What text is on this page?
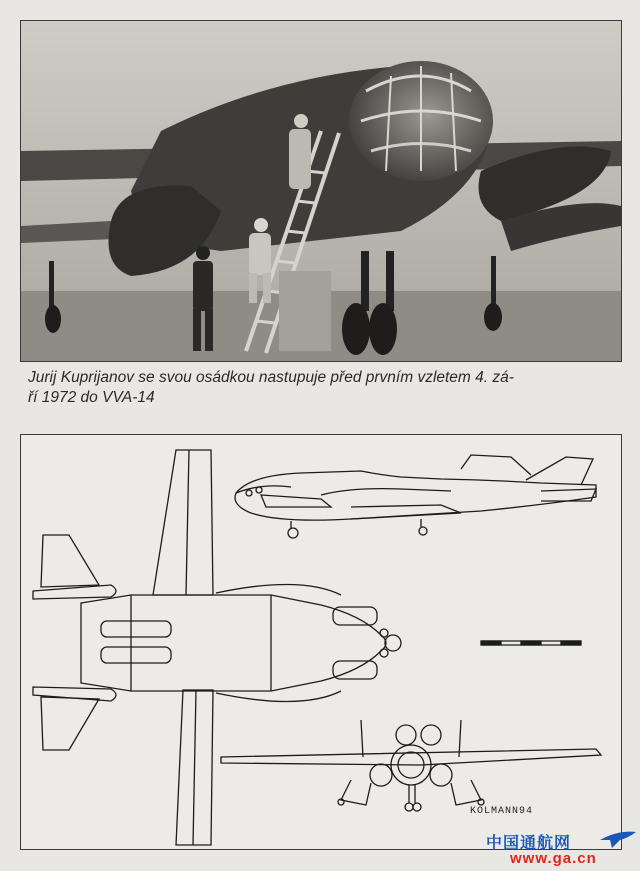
Jurij Kuprijanov se svou osádkou nastupuje před prvním vzletem 4. zá-
ří 1972 do VVA-14
KOLMANN94
中国通航网
www.ga.cn
